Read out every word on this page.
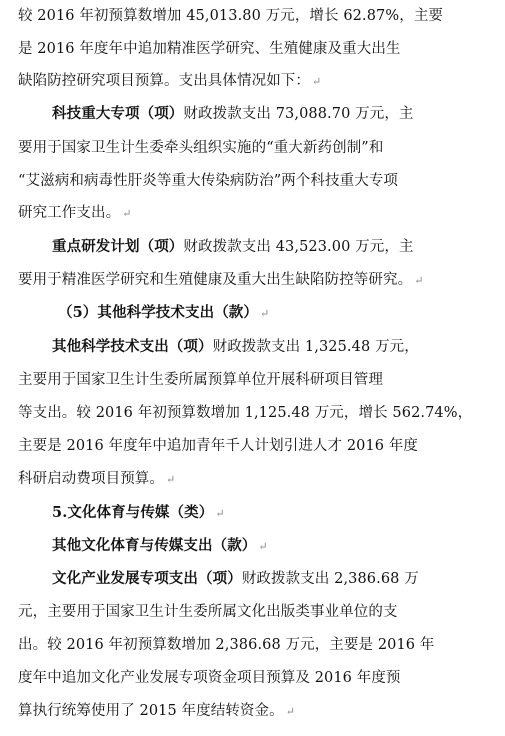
较 2016 年初预算数增加 45,013.80 万元，增长 62.87%，主要
是 2016 年度年中追加精准医学研究、生殖健康及重大出生
缺陷防控研究项目预算。支出具体情况如下： ↵
科技重大专项（项）财政拨款支出 73,088.70 万元，主
要用于国家卫生计生委牵头组织实施的“重大新药创制”和
“艾滋病和病毒性肝炎等重大传染病防治”两个科技重大专项
研究工作支出。 ↵
重点研发计划（项）财政拨款支出 43,523.00 万元，主
要用于精准医学研究和生殖健康及重大出生缺陷防控等研究。 ↵
（5）其他科学技术支出（款） ↵
其他科学技术支出（项）财政拨款支出 1,325.48 万元，
主要用于国家卫生计生委所属预算单位开展科研项目管理
等支出。较 2016 年初预算数增加 1,125.48 万元，增长 562.74%，
主要是 2016 年度年中追加青年千人计划引进人才 2016 年度
科研启动费项目预算。 ↵
5.文化体育与传媒（类） ↵
其他文化体育与传媒支出（款） ↵
文化产业发展专项支出（项）财政拨款支出 2,386.68 万
元，主要用于国家卫生计生委所属文化出版类事业单位的支
出。较 2016 年初预算数增加 2,386.68 万元，主要是 2016 年
度年中追加文化产业发展专项资金项目预算及 2016 年度预
算执行统筹使用了 2015 年度结转资金。 ↵
